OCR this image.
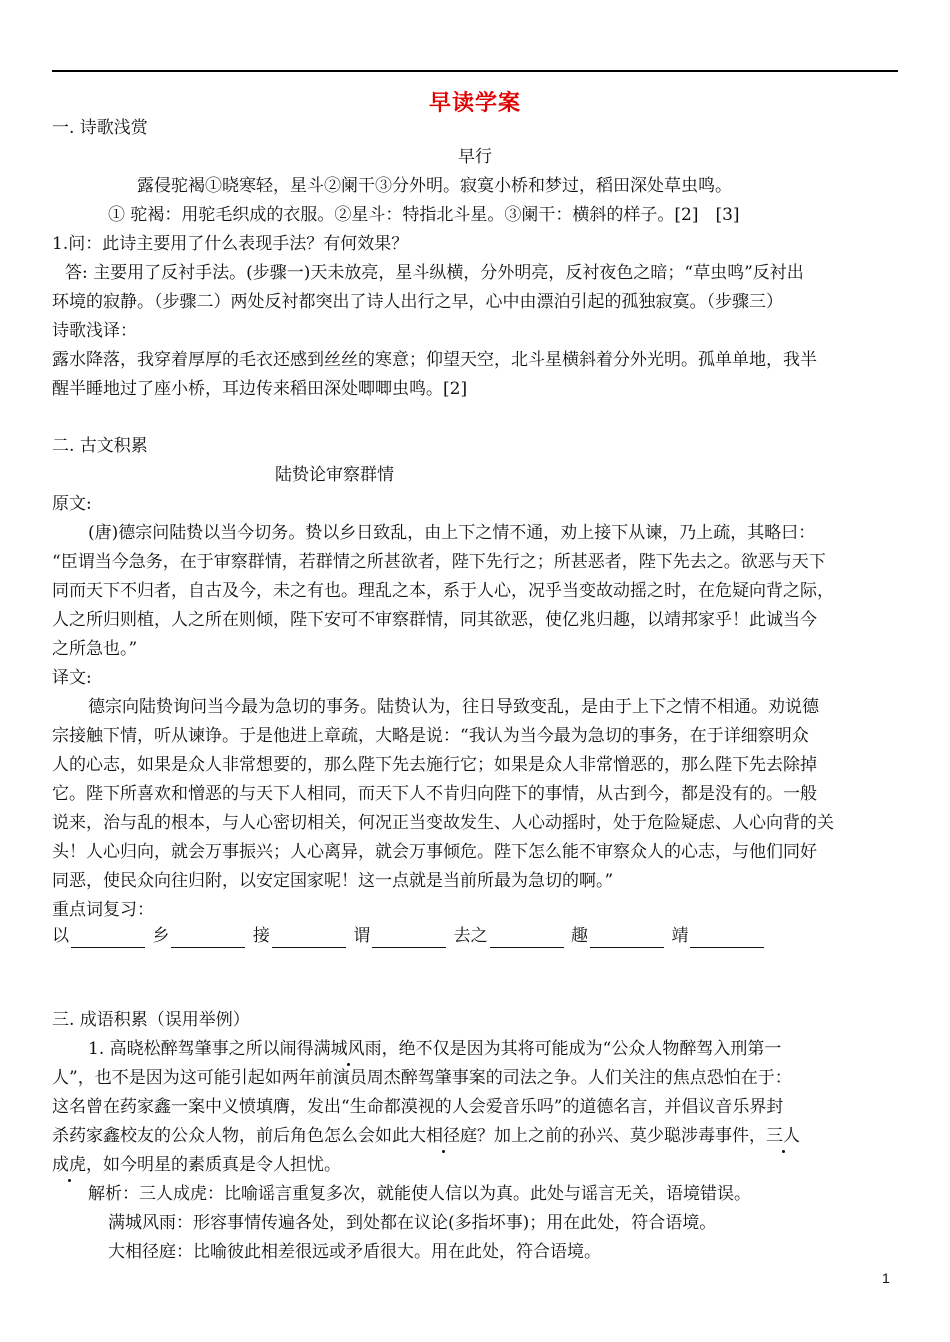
早读学案
一. 诗歌浅赏
早行
露侵驼褐①晓寒轻，星斗②阑干③分外明。寂寞小桥和梦过，稻田深处草虫鸣。
① 驼褐：用驼毛织成的衣服。②星斗：特指北斗星。③阑干：横斜的样子。[2]　[3]
1.问：此诗主要用了什么表现手法？有何效果？
答: 主要用了反衬手法。(步骤一)天未放亮，星斗纵横，分外明亮，反衬夜色之暗；“草虫鸣”反衬出
环境的寂静。（步骤二）两处反衬都突出了诗人出行之早，心中由漂泊引起的孤独寂寞。（步骤三）
诗歌浅译：
露水降落，我穿着厚厚的毛衣还感到丝丝的寒意；仰望天空，北斗星横斜着分外光明。孤单单地，我半
醒半睡地过了座小桥，耳边传来稻田深处唧唧虫鸣。[2]
二. 古文积累
陆贽论审察群情
原文:
(唐)德宗问陆贽以当今切务。贽以乡日致乱，由上下之情不通，劝上接下从谏，乃上疏，其略曰：
“臣谓当今急务，在于审察群情，若群情之所甚欲者，陛下先行之；所甚恶者，陛下先去之。欲恶与天下
同而天下不归者，自古及今，未之有也。理乱之本，系于人心，况乎当变故动摇之时，在危疑向背之际，
人之所归则植，人之所在则倾，陛下安可不审察群情，同其欲恶，使亿兆归趣，以靖邦家乎！此诚当今
之所急也。”
译文:
德宗向陆贽询问当今最为急切的事务。陆贽认为，往日导致变乱，是由于上下之情不相通。劝说德
宗接触下情，听从谏诤。于是他进上章疏，大略是说：“我认为当今最为急切的事务，在于详细察明众
人的心志，如果是众人非常想要的，那么陛下先去施行它；如果是众人非常憎恶的，那么陛下先去除掉
它。陛下所喜欢和憎恶的与天下人相同，而天下人不肯归向陛下的事情，从古到今，都是没有的。一般
说来，治与乱的根本，与人心密切相关，何况正当变故发生、人心动摇时，处于危险疑虑、人心向背的关
头！人心归向，就会万事振兴；人心离异，就会万事倾危。陛下怎么能不审察众人的心志，与他们同好
同恶，使民众向往归附，以安定国家呢！这一点就是当前所最为急切的啊。”
重点词复习：
以	乡	接	谓	去之	趣	靖
三. 成语积累（误用举例）
1. 高晓松醉驾肇事之所以闹得满城风雨，绝不仅是因为其将可能成为“公众人物醉驾入刑第一
人”，也不是因为这可能引起如两年前演员周杰醉驾肇事案的司法之争。人们关注的焦点恐怕在于：
这名曾在药家鑫一案中义愤填膺，发出“生命都漠视的人会爱音乐吗”的道德名言，并倡议音乐界封
杀药家鑫校友的公众人物，前后角色怎么会如此大相径庭？加上之前的孙兴、莫少聪涉毒事件，三人
成虎，如今明星的素质真是令人担忧。
解析：三人成虎：比喻谣言重复多次，就能使人信以为真。此处与谣言无关，语境错误。
满城风雨：形容事情传遍各处，到处都在议论(多指坏事)；用在此处，符合语境。
大相径庭：比喻彼此相差很远或矛盾很大。用在此处，符合语境。
1
